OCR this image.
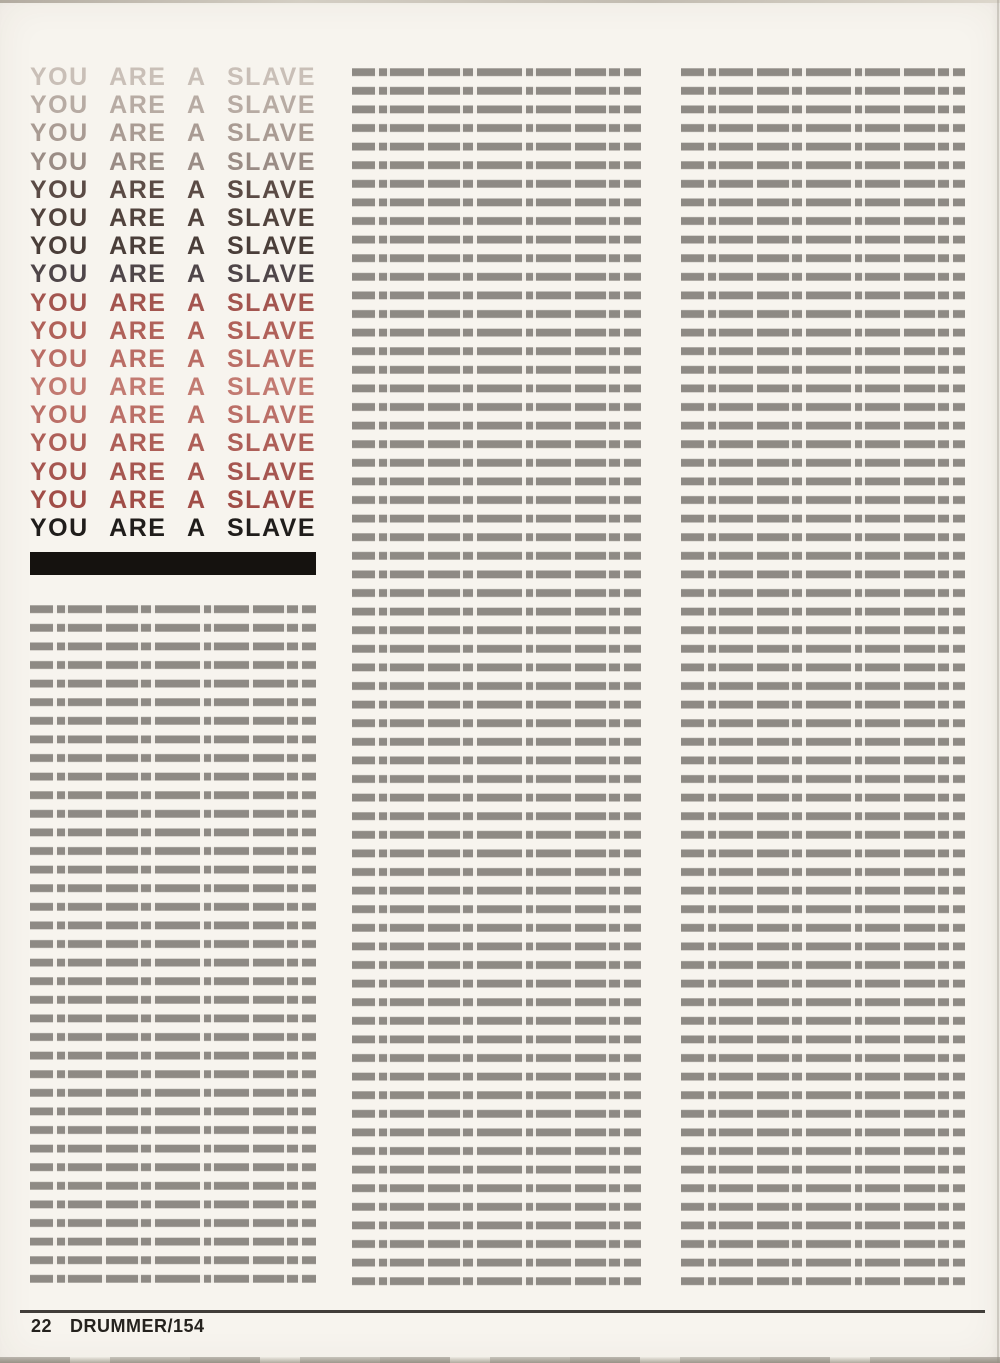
YOU ARE A SLAVE
YOU ARE A SLAVE
YOU ARE A SLAVE
YOU ARE A SLAVE
YOU ARE A SLAVE
YOU ARE A SLAVE
YOU ARE A SLAVE
YOU ARE A SLAVE
YOU ARE A SLAVE
YOU ARE A SLAVE
YOU ARE A SLAVE
YOU ARE A SLAVE
YOU ARE A SLAVE
YOU ARE A SLAVE
YOU ARE A SLAVE
YOU ARE A SLAVE
YOU ARE A SLAVE
22 DRUMMER/154
